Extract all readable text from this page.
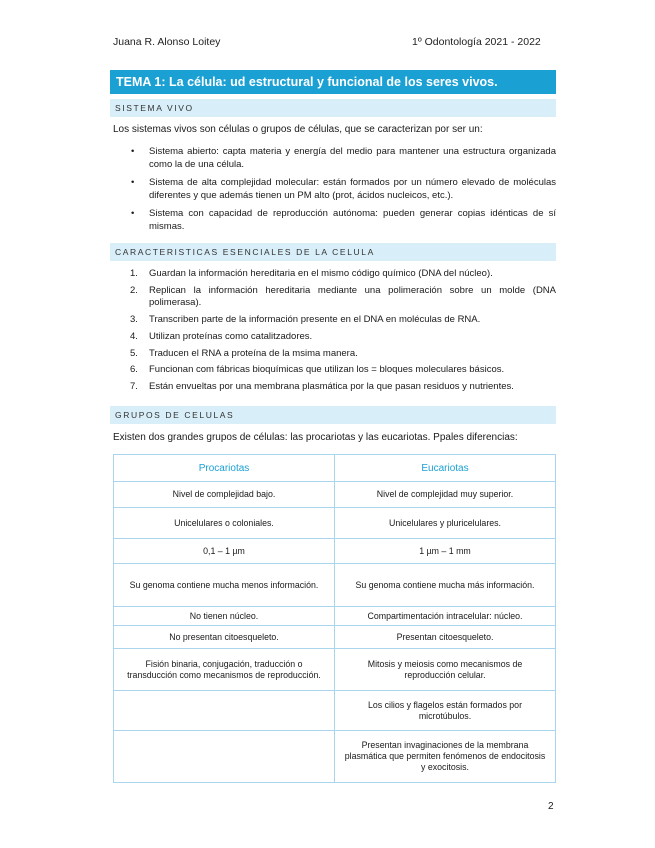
Juana R. Alonso Loitey	1º Odontología 2021 - 2022
TEMA 1: La célula: ud estructural y funcional de los seres vivos.
SISTEMA VIVO
Los sistemas vivos son células o grupos de células, que se caracterizan por ser un:
• Sistema abierto: capta materia y energía del medio para mantener una estructura organizada como la de una célula.
• Sistema de alta complejidad molecular: están formados por un número elevado de moléculas diferentes y que además tienen un PM alto (prot, ácidos nucleicos, etc.).
• Sistema con capacidad de reproducción autónoma: pueden generar copias idénticas de sí mismas.
CARACTERISTICAS ESENCIALES DE LA CELULA
1. Guardan la información hereditaria en el mismo código químico (DNA del núcleo).
2. Replican la información hereditaria mediante una polimeración sobre un molde (DNA polimerasa).
3. Transcriben parte de la información presente en el DNA en moléculas de RNA.
4. Utilizan proteínas como catalitzadores.
5. Traducen el RNA a proteína de la msima manera.
6. Funcionan com fábricas bioquímicas que utilizan los = bloques moleculares básicos.
7. Están envueltas por una membrana plasmática por la que pasan residuos y nutrientes.
GRUPOS DE CELULAS
Existen dos grandes grupos de células: las procariotas y las eucariotas. Ppales diferencias:
Procariotas	Eucariotas
Nivel de complejidad bajo.	Nivel de complejidad muy superior.
Unicelulares o coloniales.	Unicelulares y pluricelulares.
0,1 – 1 µm	1 µm – 1 mm
Su genoma contiene mucha menos información.	Su genoma contiene mucha más información.
No tienen núcleo.	Compartimentación intracelular: núcleo.
No presentan citoesqueleto.	Presentan citoesqueleto.
Fisión binaria, conjugación, traducción o transducción como mecanismos de reproducción.	Mitosis y meiosis como mecanismos de reproducción celular.
	Los cilios y flagelos están formados por microtúbulos.
	Presentan invaginaciones de la membrana plasmática que permiten fenómenos de endocitosis y exocitosis.
2
